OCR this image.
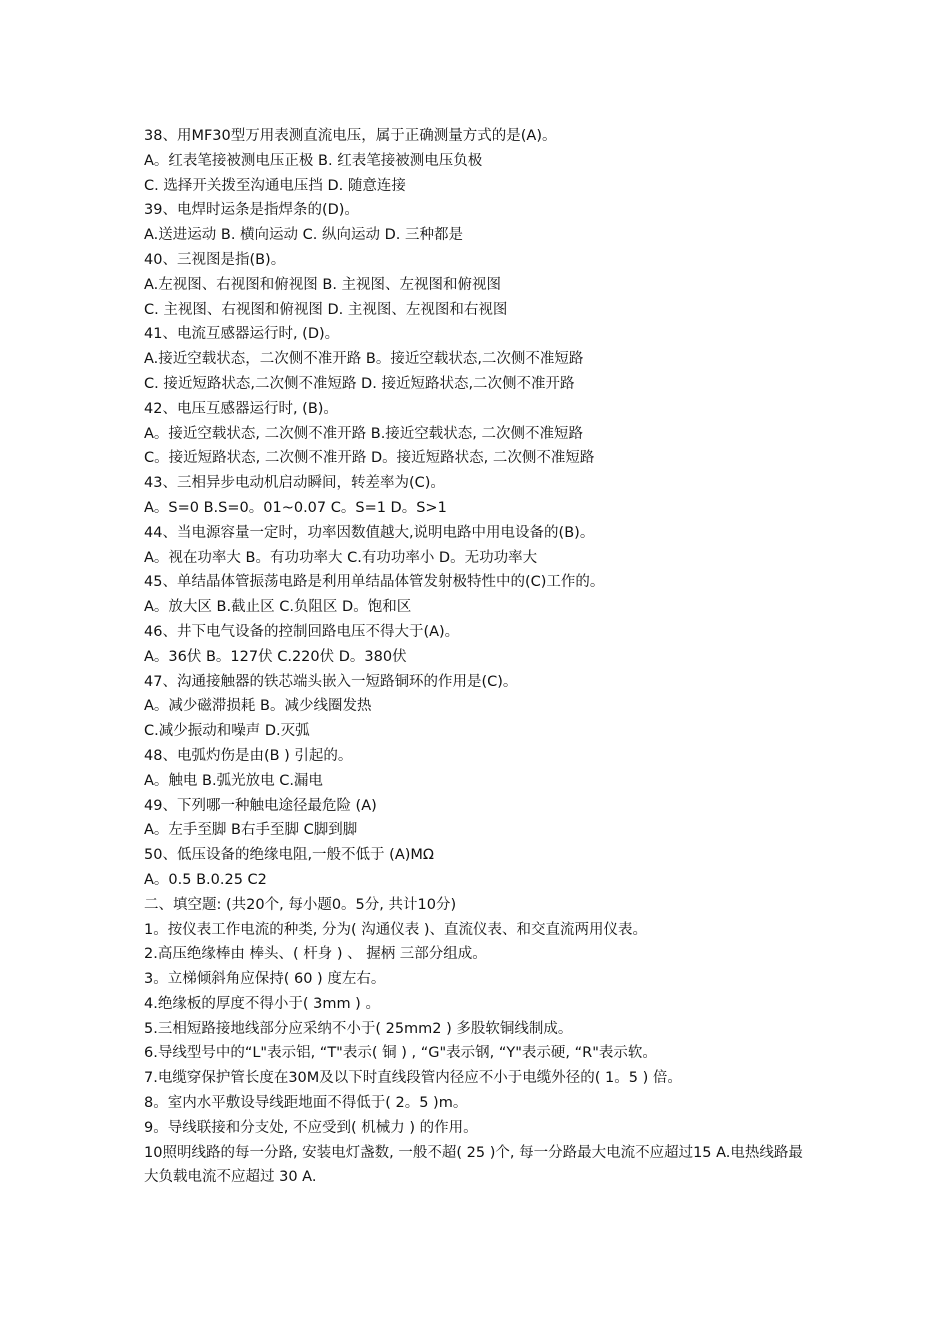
38、用MF30型万用表测直流电压，属于正确测量方式的是(A)。
A。红表笔接被测电压正极 B. 红表笔接被测电压负极
C. 选择开关拨至沟通电压挡 D. 随意连接
39、电焊时运条是指焊条的(D)。
A.送进运动 B. 横向运动 C. 纵向运动 D. 三种都是
40、三视图是指(B)。
A.左视图、右视图和俯视图 B. 主视图、左视图和俯视图
C. 主视图、右视图和俯视图 D. 主视图、左视图和右视图
41、电流互感器运行时, (D)。
A.接近空载状态，二次侧不准开路 B。接近空载状态,二次侧不准短路
C. 接近短路状态,二次侧不准短路 D. 接近短路状态,二次侧不准开路
42、电压互感器运行时, (B)。
A。接近空载状态, 二次侧不准开路 B.接近空载状态, 二次侧不准短路
C。接近短路状态, 二次侧不准开路 D。接近短路状态, 二次侧不准短路
43、三相异步电动机启动瞬间，转差率为(C)。
A。S=0 B.S=0。01~0.07 C。S=1 D。S>1
44、当电源容量一定时，功率因数值越大,说明电路中用电设备的(B)。
A。视在功率大 B。有功功率大 C.有功功率小 D。无功功率大
45、单结晶体管振荡电路是利用单结晶体管发射极特性中的(C)工作的。
A。放大区 B.截止区 C.负阻区 D。饱和区
46、井下电气设备的控制回路电压不得大于(A)。
A。36伏 B。127伏 C.220伏 D。380伏
47、沟通接触器的铁芯端头嵌入一短路铜环的作用是(C)。
A。减少磁滞损耗 B。减少线圈发热
C.减少振动和噪声 D.灭弧
48、电弧灼伤是由(B ) 引起的。
A。触电 B.弧光放电 C.漏电
49、下列哪一种触电途径最危险 (A)
A。左手至脚 B右手至脚 C脚到脚
50、低压设备的绝缘电阻,一般不低于 (A)MΩ
A。0.5 B.0.25 C2
二、填空题: (共20个, 每小题0。5分, 共计10分)
1。按仪表工作电流的种类, 分为( 沟通仪表 )、直流仪表、和交直流两用仪表。
2.高压绝缘棒由 棒头、( 杆身 ) 、 握柄 三部分组成。
3。立梯倾斜角应保持( 60 ) 度左右。
4.绝缘板的厚度不得小于( 3mm ) 。
5.三相短路接地线部分应采纳不小于( 25mm2 ) 多股软铜线制成。
6.导线型号中的“L"表示铝, “T"表示( 铜 ) , “G"表示钢, “Y"表示硬, “R"表示软。
7.电缆穿保护管长度在30M及以下时直线段管内径应不小于电缆外径的( 1。5 ) 倍。
8。室内水平敷设导线距地面不得低于( 2。5 )m。
9。导线联接和分支处, 不应受到( 机械力 ) 的作用。
10照明线路的每一分路, 安装电灯盏数, 一般不超( 25 )个, 每一分路最大电流不应超过15 A.电热线路最大负载电流不应超过 30 A.
